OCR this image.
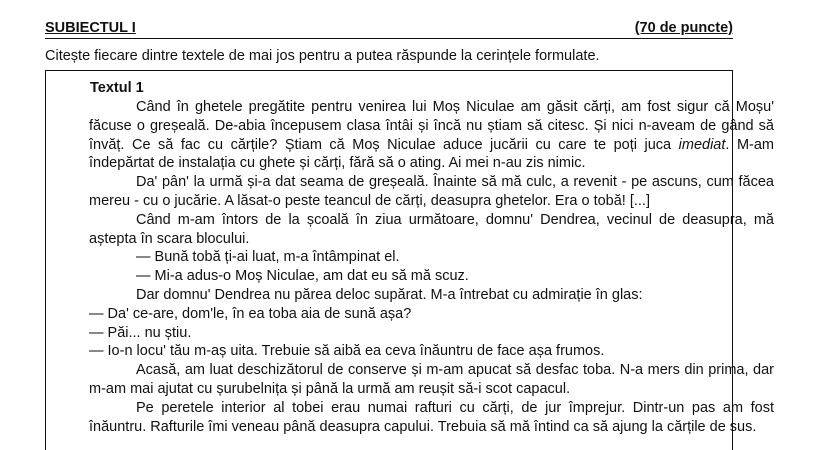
SUBIECTUL I	(70 de puncte)
Citește fiecare dintre textele de mai jos pentru a putea răspunde la cerințele formulate.
Textul 1

Când în ghetele pregătite pentru venirea lui Moș Niculae am găsit cărți, am fost sigur că Moșu' făcuse o greșeală. De-abia începusem clasa întâi și încă nu știam să citesc. Și nici n-aveam de gând să învăț. Ce să fac cu cărțile? Știam că Moș Niculae aduce jucării cu care te poți juca imediat. M-am îndepărtat de instalația cu ghete și cărți, fără să o ating. Ai mei n-au zis nimic.

Da' pân' la urmă și-a dat seama de greșeală. Înainte să mă culc, a revenit - pe ascuns, cum făcea mereu - cu o jucărie. A lăsat-o peste teancul de cărți, deasupra ghetelor. Era o tobă! [...]

Când m-am întors de la școală în ziua următoare, domnu' Dendrea, vecinul de deasupra, mă aștepta în scara blocului.

— Bună tobă ți-ai luat, m-a întâmpinat el.

— Mi-a adus-o Moș Niculae, am dat eu să mă scuz.

Dar domnu' Dendrea nu părea deloc supărat. M-a întrebat cu admirație în glas:

— Da' ce-are, dom'le, în ea toba aia de sună așa?

— Păi... nu știu.

— Io-n locu' tău m-aș uita. Trebuie să aibă ea ceva înăuntru de face așa frumos.

Acasă, am luat deschizătorul de conserve și m-am apucat să desfac toba. N-a mers din prima, dar m-am mai ajutat cu șurubelnița și până la urmă am reușit să-i scot capacul.

Pe peretele interior al tobei erau numai rafturi cu cărți, de jur împrejur. Dintr-un pas am fost înăuntru. Rafturile îmi veneau până deasupra capului. Trebuia să mă întind ca să ajung la cărțile de sus.
